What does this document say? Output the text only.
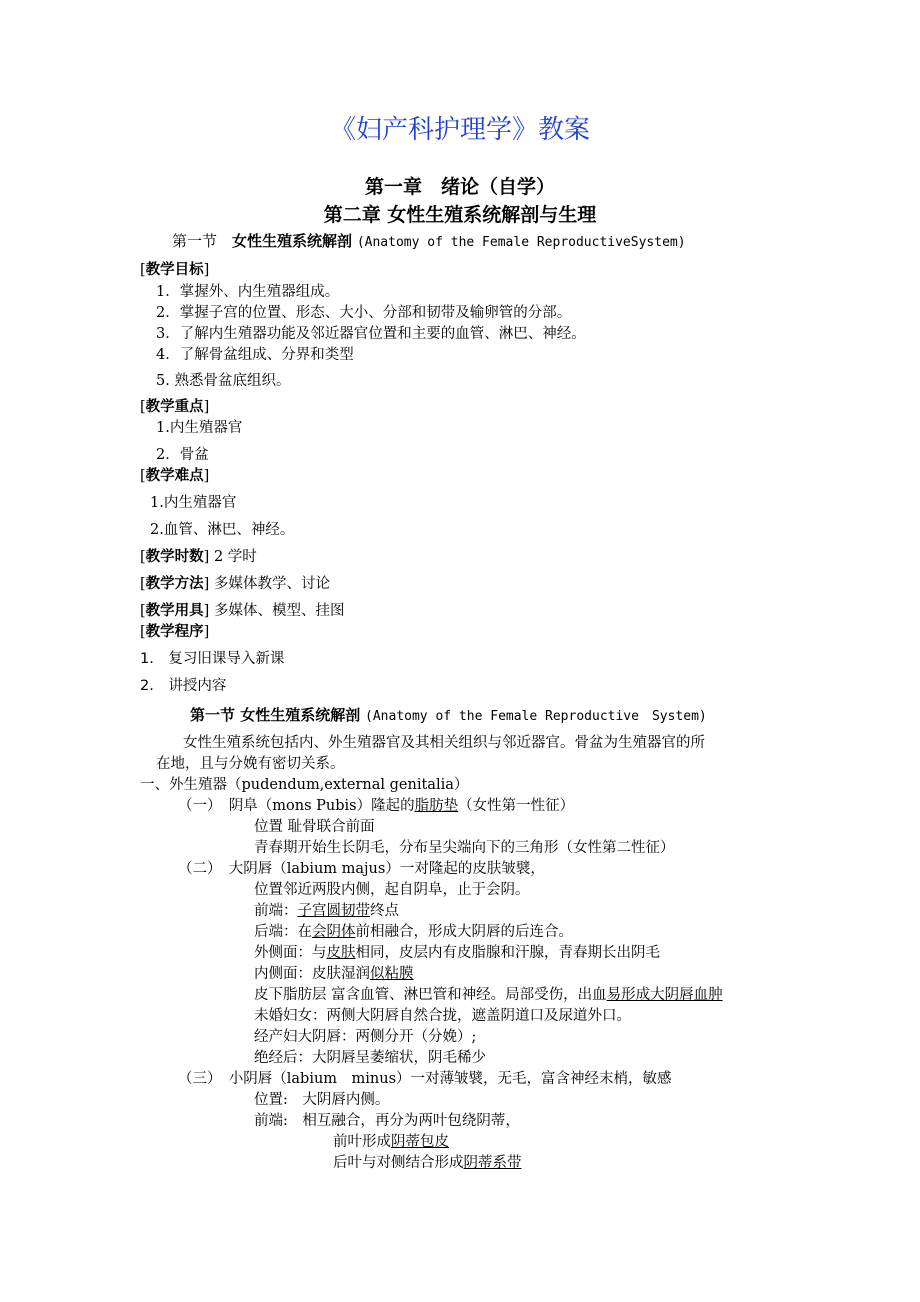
《妇产科护理学》教案
第一章　绪论（自学）
第二章 女性生殖系统解剖与生理
第一节　 女性生殖系统解剖 (Anatomy of the Female ReproductiveSystem)
[教学目标]
1．掌握外、内生殖器组成。
2．掌握子宫的位置、形态、大小、分部和韧带及输卵管的分部。
3．了解内生殖器功能及邻近器官位置和主要的血管、淋巴、神经。
4．了解骨盆组成、分界和类型
5. 熟悉骨盆底组织。
[教学重点]
1.内生殖器官
2．骨盆
[教学难点]
1.内生殖器官
2.血管、淋巴、神经。
[教学时数] 2 学时
[教学方法] 多媒体教学、讨论
[教学用具] 多媒体、模型、挂图
[教学程序]
1.　复习旧课导入新课
2.　讲授内容
第一节 女性生殖系统解剖 (Anatomy of the Female Reproductive　System)
女性生殖系统包括内、外生殖器官及其相关组织与邻近器官。骨盆为生殖器官的所
在地，且与分娩有密切关系。
一、外生殖器（pudendum,external genitalia）
（一）　阴阜（mons Pubis）隆起的脂肪垫（女性第一性征）
位置 耻骨联合前面
青春期开始生长阴毛，分布呈尖端向下的三角形（女性第二性征）
（二）　大阴唇（labium majus）一对隆起的皮肤皱襞，
位置邻近两股内侧，起自阴阜，止于会阴。
前端：子宫圆韧带终点
后端：在会阴体前相融合，形成大阴唇的后连合。
外侧面：与皮肤相同，皮层内有皮脂腺和汗腺，青春期长出阴毛
内侧面：皮肤湿润似粘膜
皮下脂肪层 富含血管、淋巴管和神经。局部受伤，出血易形成大阴唇血肿
未婚妇女：两侧大阴唇自然合拢，遮盖阴道口及尿道外口。
经产妇大阴唇：两侧分开（分娩）;
绝经后：大阴唇呈萎缩状，阴毛稀少
（三）　小阴唇（labium　minus）一对薄皱襞，无毛，富含神经末梢，敏感
位置:　大阴唇内侧。
前端:　相互融合，再分为两叶包绕阴蒂，
前叶形成阴蒂包皮
后叶与对侧结合形成阴蒂系带
